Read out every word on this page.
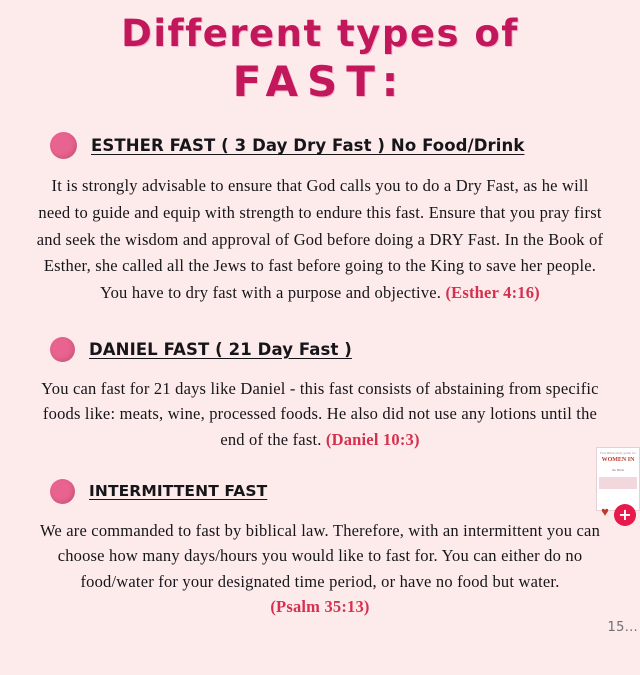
Different types of
FAST:
ESTHER FAST ( 3 Day Dry Fast ) No Food/Drink
It is strongly advisable to ensure that God calls you to do a Dry Fast, as he will need to guide and equip with strength to endure this fast. Ensure that you pray first and seek the wisdom and approval of God before doing a DRY Fast. In the Book of Esther, she called all the Jews to fast before going to the King to save her people. You have to dry fast with a purpose and objective. (Esther 4:16)
DANIEL FAST ( 21 Day Fast )
You can fast for 21 days like Daniel - this fast consists of abstaining from specific foods like: meats, wine, processed foods. He also did not use any lotions until the end of the fast. (Daniel 10:3)
INTERMITTENT FAST
We are commanded to fast by biblical law. Therefore, with an intermittent you can choose how many days/hours you would like to fast for. You can either do no food/water for your designated time period, or have no food but water. (Psalm 35:13)
Free Bible study guide for
WOMEN IN
the Bible
♥ +
15...
